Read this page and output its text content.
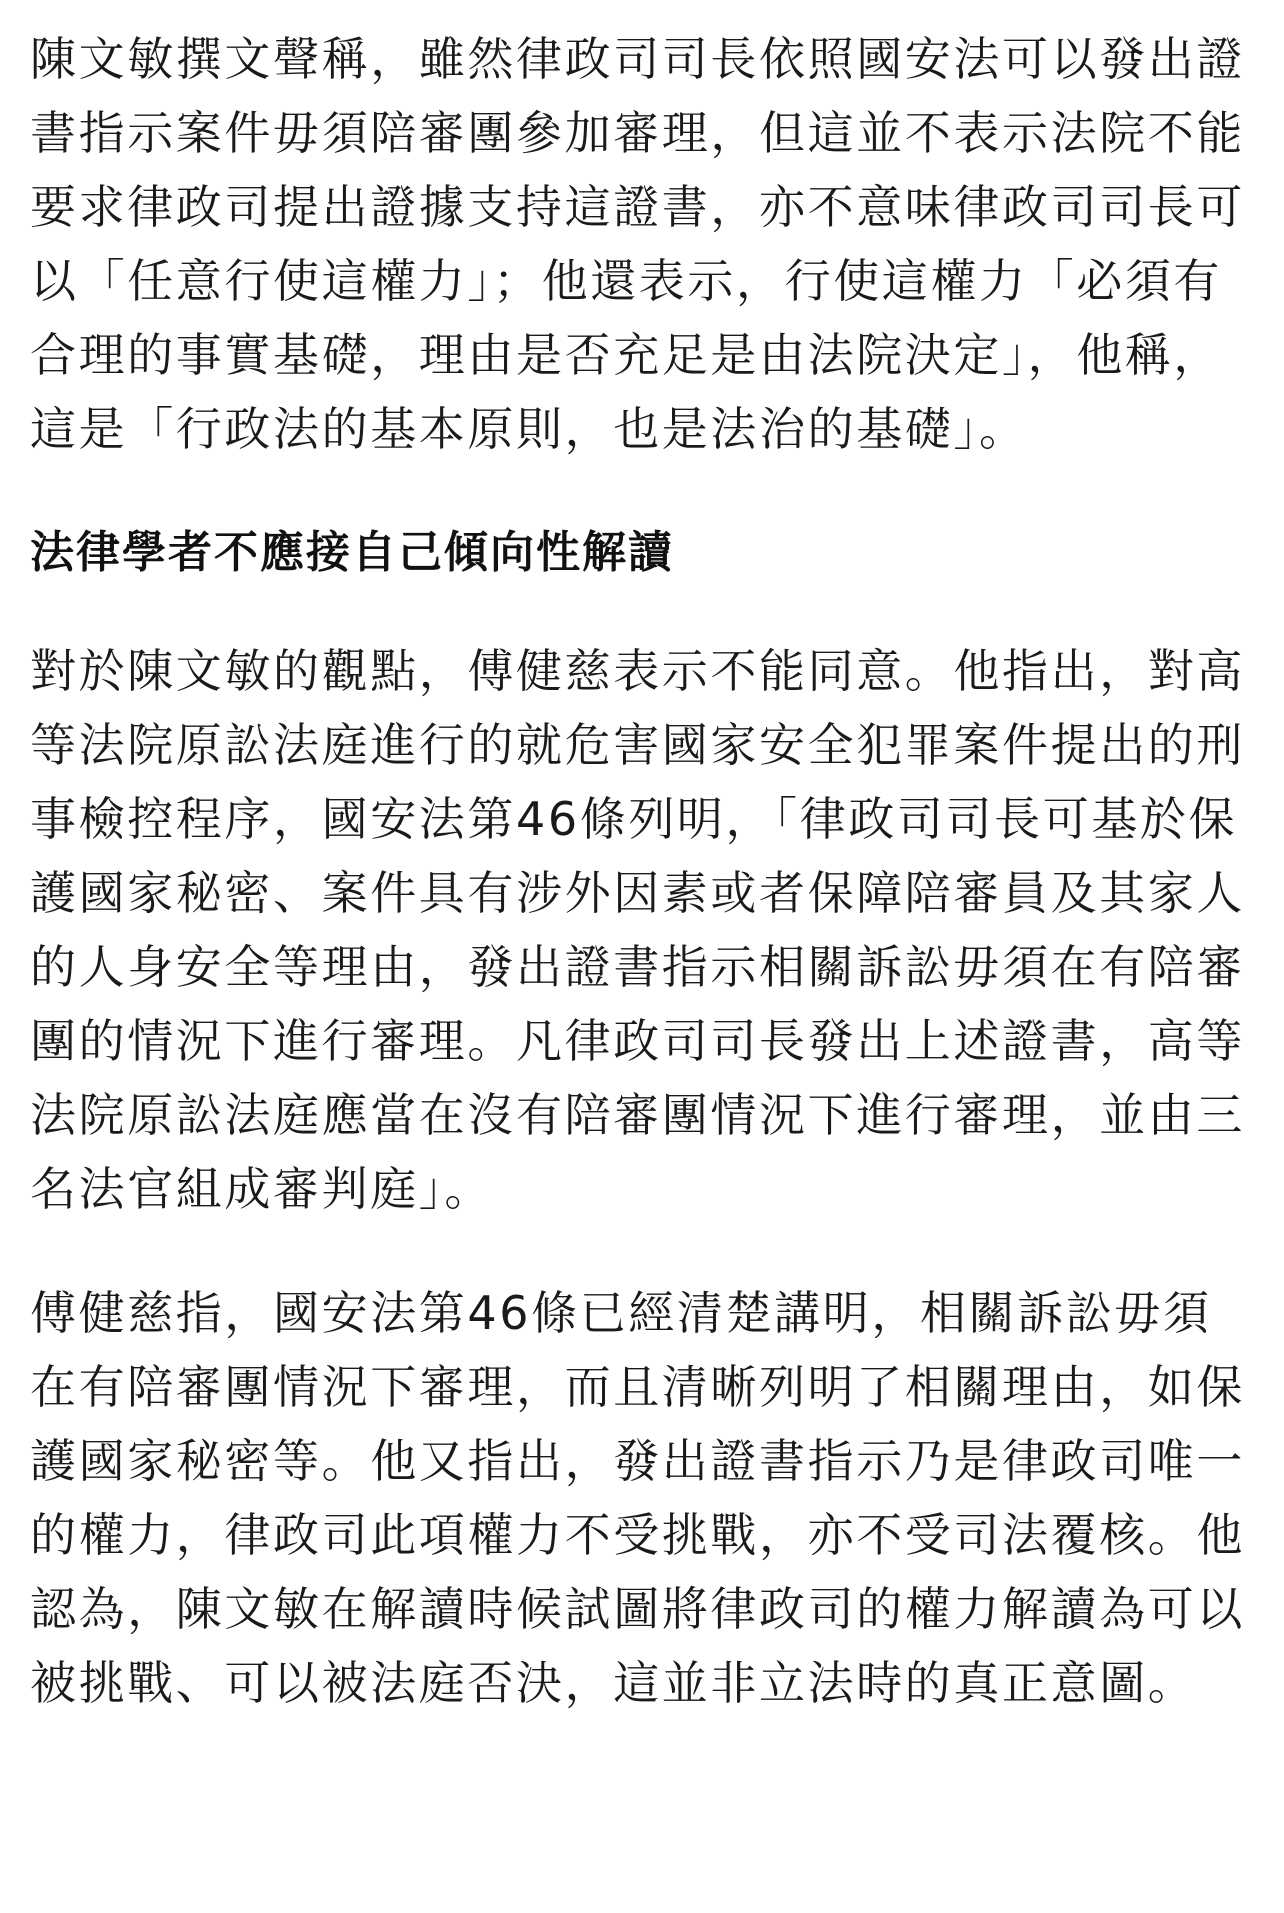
陳文敏撰文聲稱，雖然律政司司長依照國安法可以發出證書指示案件毋須陪審團參加審理，但這並不表示法院不能要求律政司提出證據支持這證書，亦不意味律政司司長可以「任意行使這權力」；他還表示，行使這權力「必須有合理的事實基礎，理由是否充足是由法院決定」，他稱，這是「行政法的基本原則，也是法治的基礎」。

法律學者不應接自己傾向性解讀

對於陳文敏的觀點，傅健慈表示不能同意。他指出，對高等法院原訟法庭進行的就危害國家安全犯罪案件提出的刑事檢控程序，國安法第46條列明，「律政司司長可基於保護國家秘密、案件具有涉外因素或者保障陪審員及其家人的人身安全等理由，發出證書指示相關訴訟毋須在有陪審團的情況下進行審理。凡律政司司長發出上述證書，高等法院原訟法庭應當在沒有陪審團情況下進行審理，並由三名法官組成審判庭」。

傅健慈指，國安法第46條已經清楚講明，相關訴訟毋須在有陪審團情況下審理，而且清晰列明了相關理由，如保護國家秘密等。他又指出，發出證書指示乃是律政司唯一的權力，律政司此項權力不受挑戰，亦不受司法覆核。他認為，陳文敏在解讀時候試圖將律政司的權力解讀為可以被挑戰、可以被法庭否決，這並非立法時的真正意圖。
